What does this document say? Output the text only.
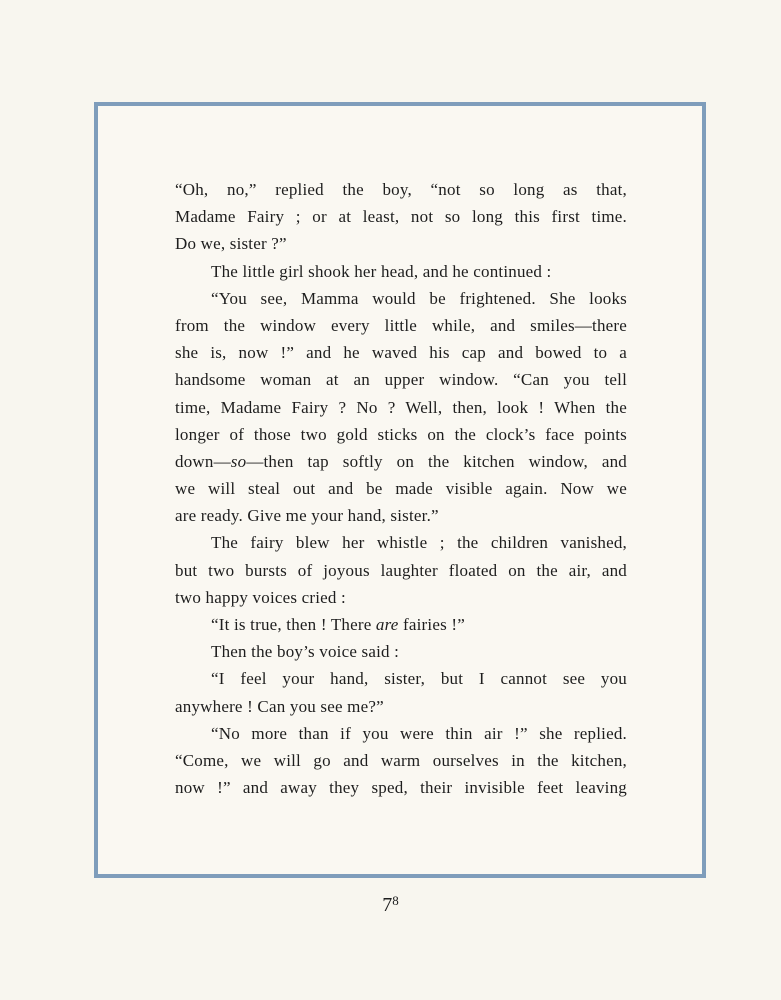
“Oh, no,” replied the boy, “not so long as that,
Madame Fairy ; or at least, not so long this first time.
Do we, sister ?”
The little girl shook her head, and he continued :
“You see, Mamma would be frightened. She looks
from the window every little while, and smiles—there
she is, now !” and he waved his cap and bowed to a
handsome woman at an upper window. “Can you tell
time, Madame Fairy ? No ? Well, then, look ! When the
longer of those two gold sticks on the clock’s face points
down—so—then tap softly on the kitchen window, and
we will steal out and be made visible again. Now we
are ready. Give me your hand, sister.”
The fairy blew her whistle ; the children vanished,
but two bursts of joyous laughter floated on the air, and
two happy voices cried :
“It is true, then ! There are fairies !”
Then the boy’s voice said :
“I feel your hand, sister, but I cannot see you
anywhere ! Can you see me?”
“No more than if you were thin air !” she replied.
“Come, we will go and warm ourselves in the kitchen,
now !” and away they sped, their invisible feet leaving
$7^8$
